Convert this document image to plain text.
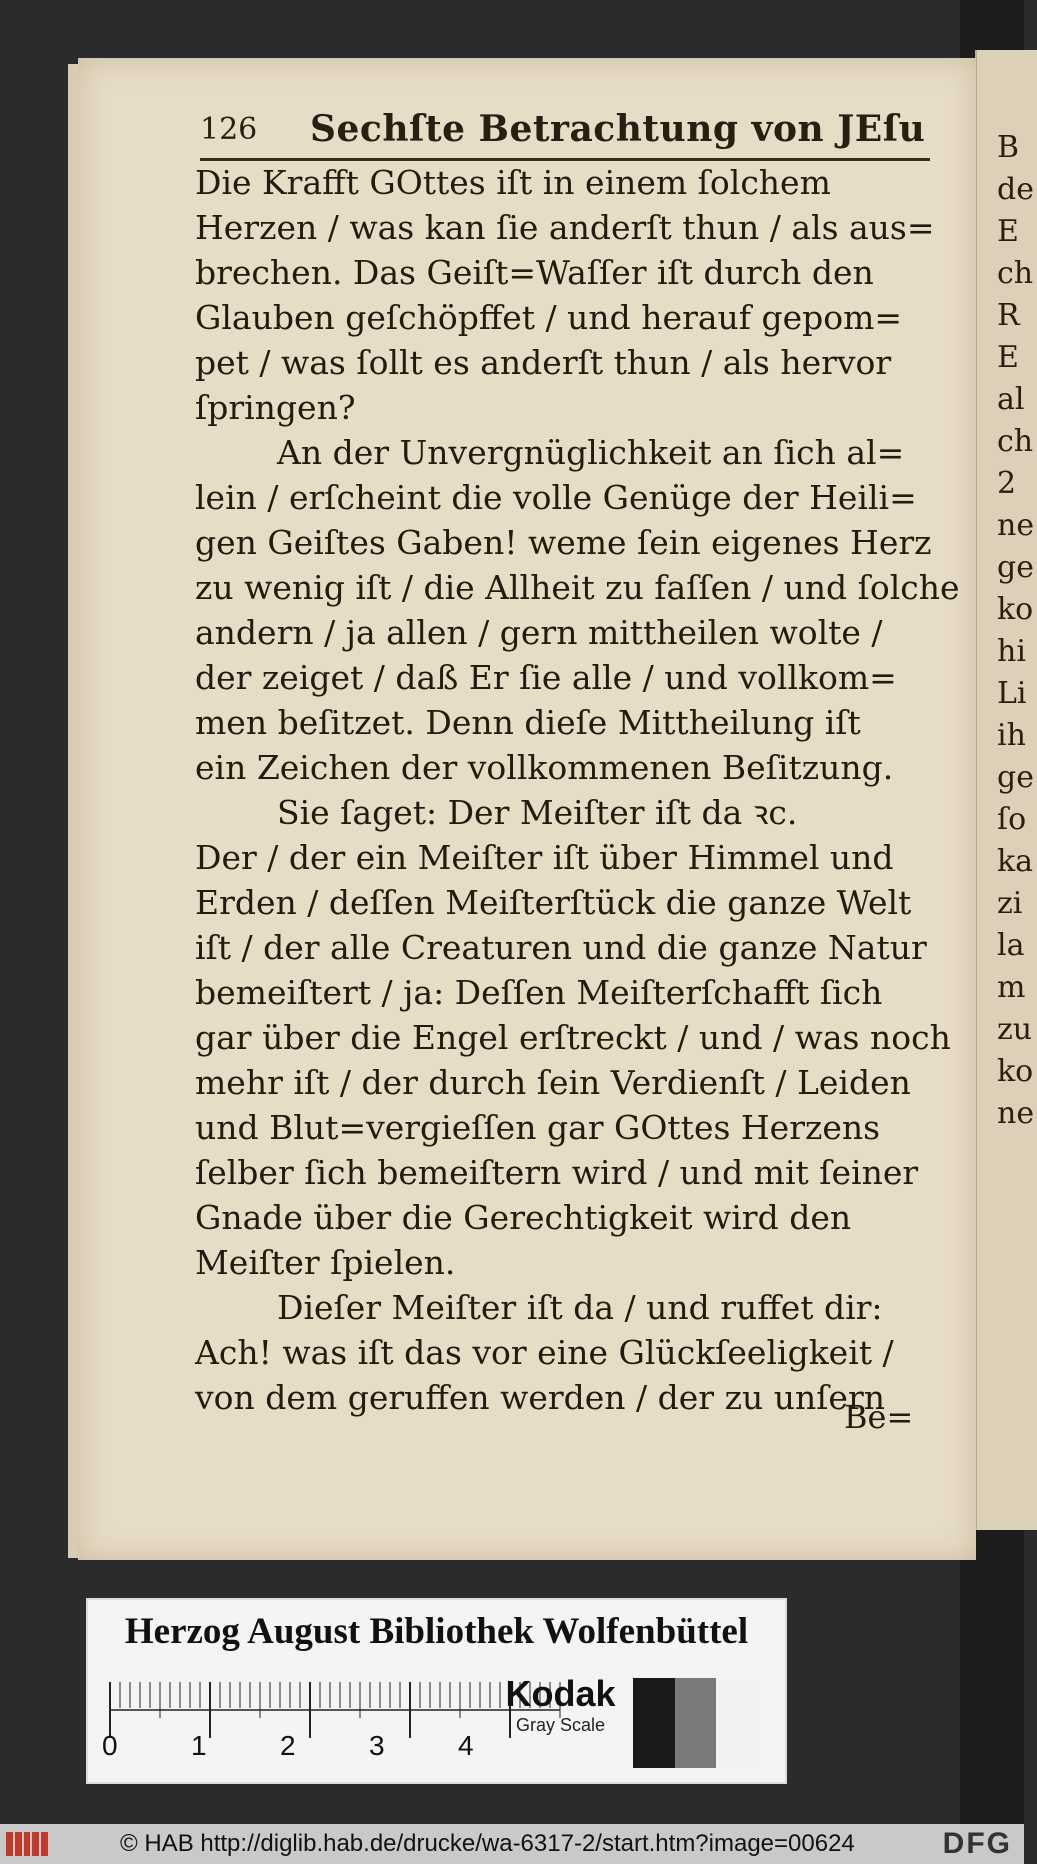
B
de
E
ch
R
E
al
ch
2
ne
ge
ko
hi
Li
ih
ge
ſo
ka
zi
la
m
zu
ko
ne
126 Sechſte Betrachtung von JEſu
Die Krafft GOttes iſt in einem ſolchem
Herzen / was kan ſie anderſt thun / als aus=
brechen. Das Geiſt=Waſſer iſt durch den
Glauben geſchöpffet / und herauf gepom=
pet / was ſollt es anderſt thun / als hervor
ſpringen?
An der Unvergnüglichkeit an ſich al=
lein / erſcheint die volle Genüge der Heili=
gen Geiſtes Gaben! weme ſein eigenes Herz
zu wenig iſt / die Allheit zu faſſen / und ſolche
andern / ja allen / gern mittheilen wolte /
der zeiget / daß Er ſie alle / und vollkom=
men beſitzet. Denn dieſe Mittheilung iſt
ein Zeichen der vollkommenen Beſitzung.
Sie ſaget: Der Meiſter iſt da ꝛc.
Der / der ein Meiſter iſt über Himmel und
Erden / deſſen Meiſterſtück die ganze Welt
iſt / der alle Creaturen und die ganze Natur
bemeiſtert / ja: Deſſen Meiſterſchafft ſich
gar über die Engel erſtreckt / und / was noch
mehr iſt / der durch ſein Verdienſt / Leiden
und Blut=vergieſſen gar GOttes Herzens
ſelber ſich bemeiſtern wird / und mit ſeiner
Gnade über die Gerechtigkeit wird den
Meiſter ſpielen.
Dieſer Meiſter iſt da / und ruffet dir:
Ach! was iſt das vor eine Glückſeeligkeit /
von dem geruffen werden / der zu unſern
Be=
Herzog August Bibliothek Wolfenbüttel
0	1	2	3	4
Kodak
Gray Scale
© HAB http://diglib.hab.de/drucke/wa-6317-2/start.htm?image=00624	DFG
